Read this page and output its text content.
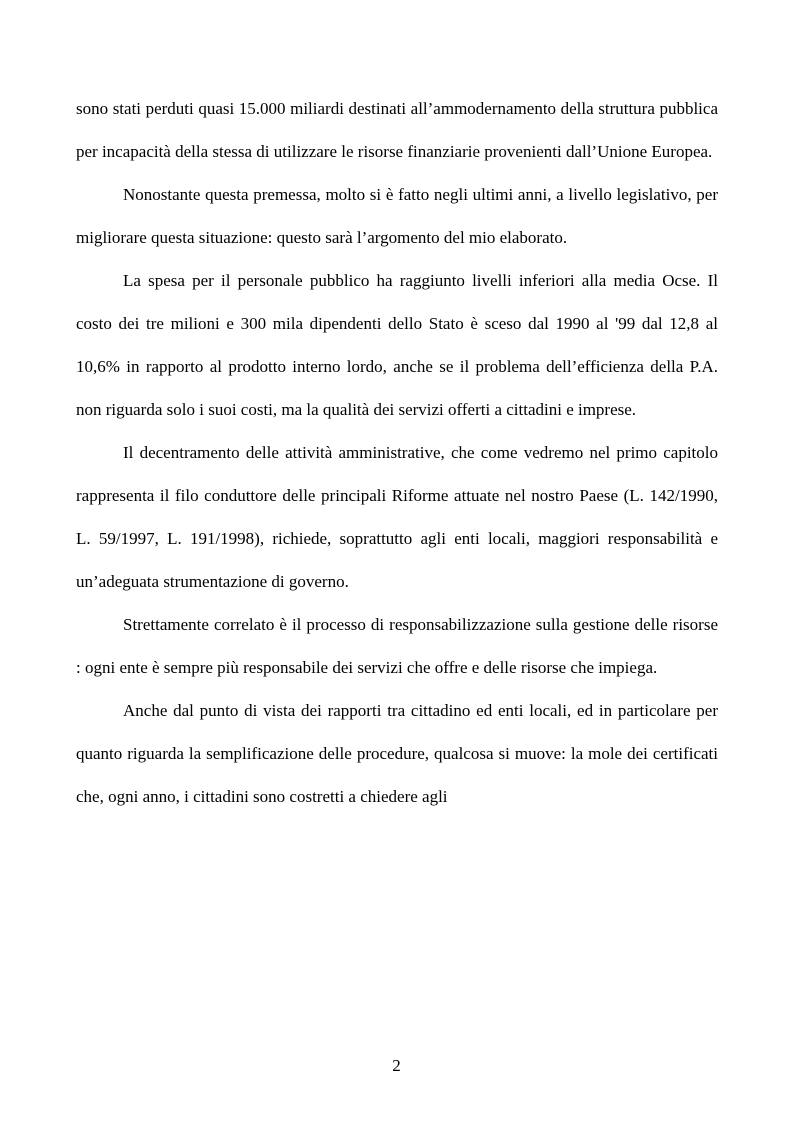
sono stati perduti quasi 15.000 miliardi destinati all’ammodernamento della struttura pubblica per incapacità della stessa di utilizzare le risorse finanziarie provenienti dall’Unione Europea.

Nonostante questa premessa, molto si è fatto negli ultimi anni, a livello legislativo, per migliorare questa situazione: questo sarà l’argomento del mio elaborato.

La spesa per il personale pubblico ha raggiunto livelli inferiori alla media Ocse. Il costo dei tre milioni e 300 mila dipendenti dello Stato è sceso dal 1990 al '99 dal 12,8 al 10,6% in rapporto al prodotto interno lordo, anche se il problema dell’efficienza della P.A. non riguarda solo i suoi costi, ma la qualità dei servizi offerti a cittadini e imprese.

Il decentramento delle attività amministrative, che come vedremo nel primo capitolo rappresenta il filo conduttore delle principali Riforme attuate nel nostro Paese (L. 142/1990, L. 59/1997, L. 191/1998), richiede, soprattutto agli enti locali, maggiori responsabilità e un’adeguata strumentazione di governo.

Strettamente correlato è il processo di responsabilizzazione sulla gestione delle risorse : ogni ente è sempre più responsabile dei servizi che offre e delle risorse che impiega.

Anche dal punto di vista dei rapporti tra cittadino ed enti locali, ed in particolare per quanto riguarda la semplificazione delle procedure, qualcosa si muove: la mole dei certificati che, ogni anno, i cittadini sono costretti a chiedere agli

2
